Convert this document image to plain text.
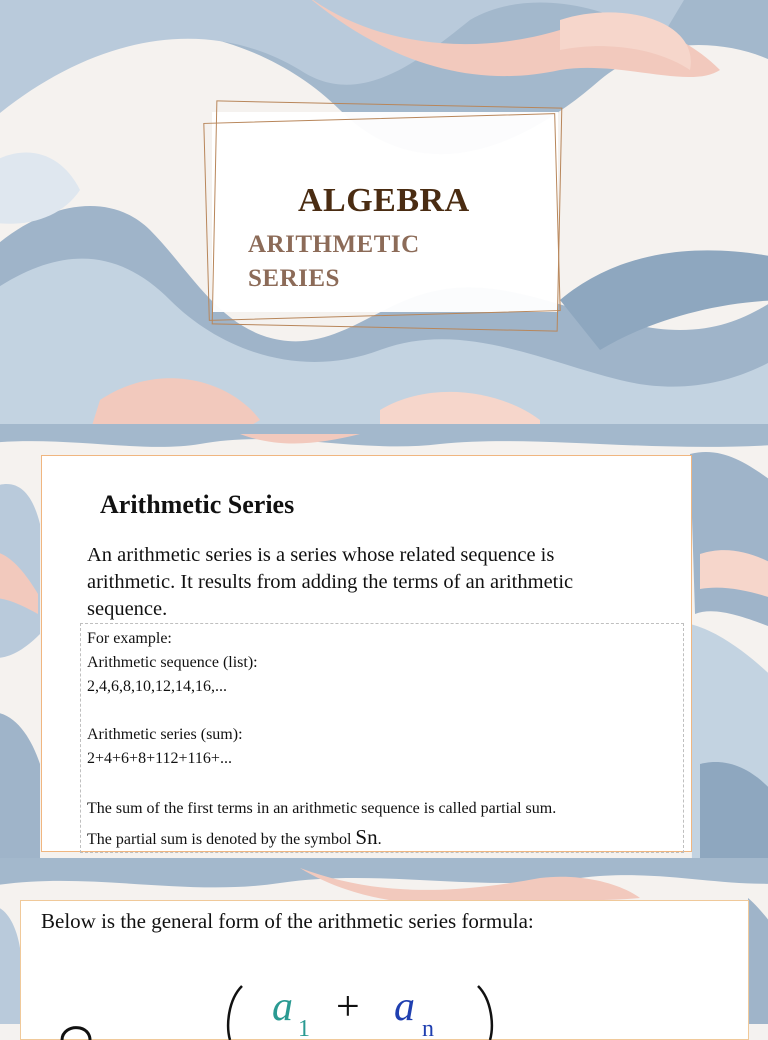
ALGEBRA
ARITHMETIC
SERIES
Arithmetic Series
An arithmetic series is a series whose related sequence is
arithmetic. It results from adding the terms of an arithmetic
sequence.
For example:
Arithmetic sequence (list):
2,4,6,8,10,12,14,16,...
Arithmetic series (sum):
2+4+6+8+112+116+...
The sum of the first terms in an arithmetic sequence is called partial sum.
The partial sum is denoted by the symbol Sn.
Below is the general form of the arithmetic series formula:
a 1 + a n
